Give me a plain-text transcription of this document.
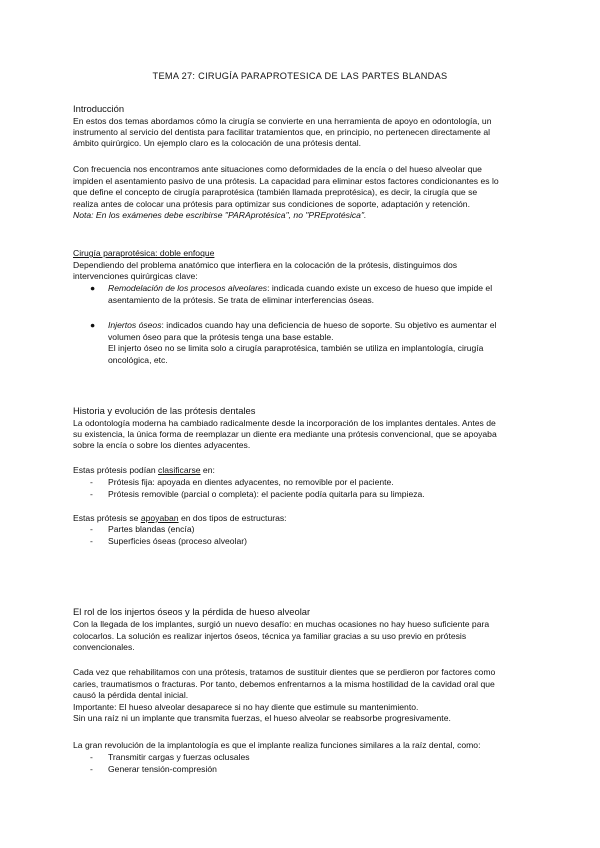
TEMA 27: CIRUGÍA PARAPROTESICA DE LAS PARTES BLANDAS
Introducción
En estos dos temas abordamos cómo la cirugía se convierte en una herramienta de apoyo en odontología, un
instrumento al servicio del dentista para facilitar tratamientos que, en principio, no pertenecen directamente al
ámbito quirúrgico. Un ejemplo claro es la colocación de una prótesis dental.
Con frecuencia nos encontramos ante situaciones como deformidades de la encía o del hueso alveolar que
impiden el asentamiento pasivo de una prótesis. La capacidad para eliminar estos factores condicionantes es lo
que define el concepto de cirugía paraprotésica (también llamada preprotésica), es decir, la cirugía que se
realiza antes de colocar una prótesis para optimizar sus condiciones de soporte, adaptación y retención.
Nota: En los exámenes debe escribirse "PARAprotésica", no "PREprotésica".
Cirugía paraprotésica: doble enfoque
Dependiendo del problema anatómico que interfiera en la colocación de la prótesis, distinguimos dos
intervenciones quirúrgicas clave:
● Remodelación de los procesos alveolares: indicada cuando existe un exceso de hueso que impide el
asentamiento de la prótesis. Se trata de eliminar interferencias óseas.
● Injertos óseos: indicados cuando hay una deficiencia de hueso de soporte. Su objetivo es aumentar el
volumen óseo para que la prótesis tenga una base estable.
El injerto óseo no se limita solo a cirugía paraprotésica, también se utiliza en implantología, cirugía
oncológica, etc.
Historia y evolución de las prótesis dentales
La odontología moderna ha cambiado radicalmente desde la incorporación de los implantes dentales. Antes de
su existencia, la única forma de reemplazar un diente era mediante una prótesis convencional, que se apoyaba
sobre la encía o sobre los dientes adyacentes.
Estas prótesis podían clasificarse en:
- Prótesis fija: apoyada en dientes adyacentes, no removible por el paciente.
- Prótesis removible (parcial o completa): el paciente podía quitarla para su limpieza.
Estas prótesis se apoyaban en dos tipos de estructuras:
- Partes blandas (encía)
- Superficies óseas (proceso alveolar)
El rol de los injertos óseos y la pérdida de hueso alveolar
Con la llegada de los implantes, surgió un nuevo desafío: en muchas ocasiones no hay hueso suficiente para
colocarlos. La solución es realizar injertos óseos, técnica ya familiar gracias a su uso previo en prótesis
convencionales.
Cada vez que rehabilitamos con una prótesis, tratamos de sustituir dientes que se perdieron por factores como
caries, traumatismos o fracturas. Por tanto, debemos enfrentarnos a la misma hostilidad de la cavidad oral que
causó la pérdida dental inicial.
Importante: El hueso alveolar desaparece si no hay diente que estimule su mantenimiento.
Sin una raíz ni un implante que transmita fuerzas, el hueso alveolar se reabsorbe progresivamente.
La gran revolución de la implantología es que el implante realiza funciones similares a la raíz dental, como:
- Transmitir cargas y fuerzas oclusales
- Generar tensión-compresión
